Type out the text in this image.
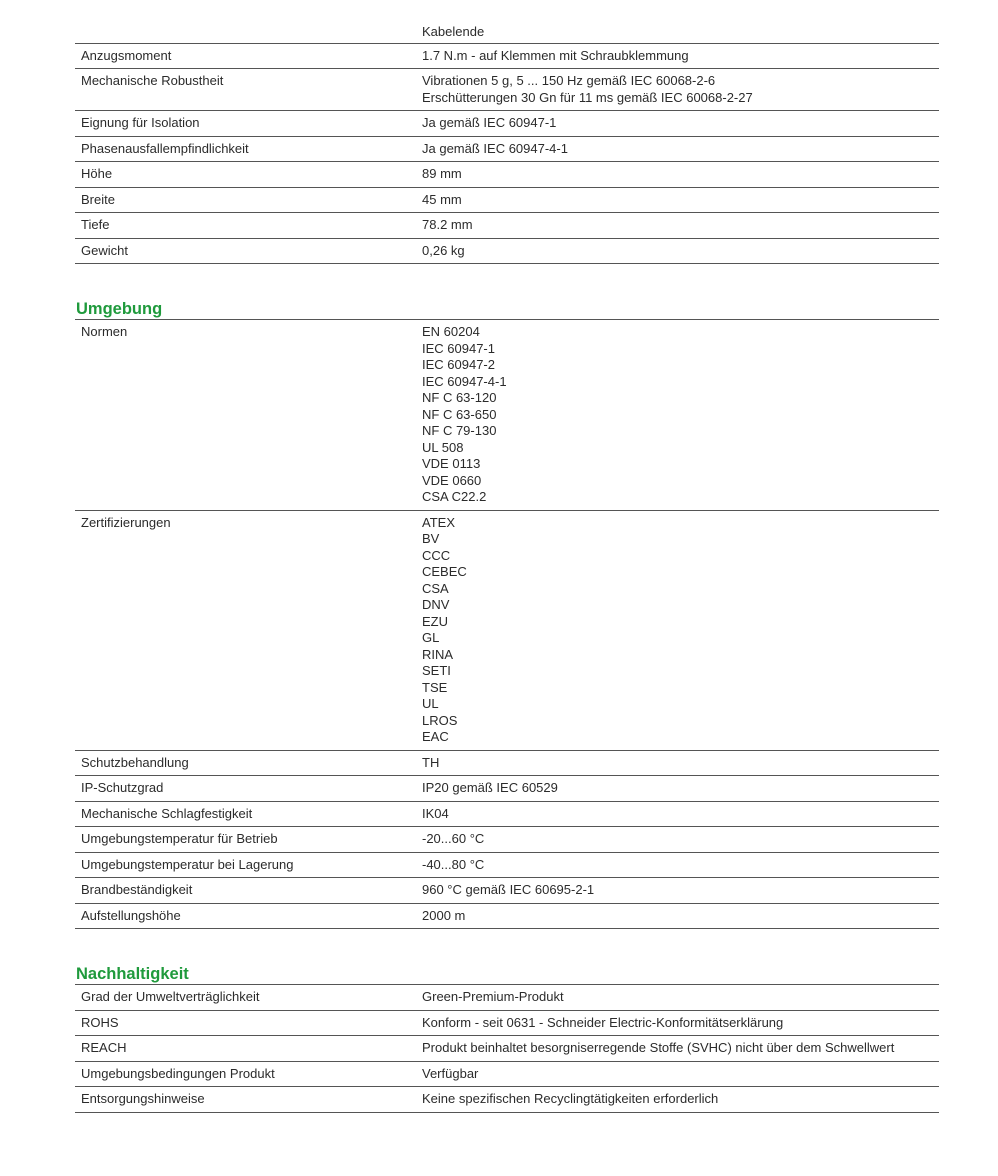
Kabelende
Anzugsmoment	1.7 N.m - auf Klemmen mit Schraubklemmung
Mechanische Robustheit	Vibrationen 5 g, 5 ... 150 Hz gemäß IEC 60068-2-6
Erschütterungen 30 Gn für 11 ms gemäß IEC 60068-2-27
Eignung für Isolation	Ja gemäß IEC 60947-1
Phasenausfallempfindlichkeit	Ja gemäß IEC 60947-4-1
Höhe	89 mm
Breite	45 mm
Tiefe	78.2 mm
Gewicht	0,26 kg
Umgebung
Normen	EN 60204
IEC 60947-1
IEC 60947-2
IEC 60947-4-1
NF C 63-120
NF C 63-650
NF C 79-130
UL 508
VDE 0113
VDE 0660
CSA C22.2
Zertifizierungen	ATEX
BV
CCC
CEBEC
CSA
DNV
EZU
GL
RINA
SETI
TSE
UL
LROS
EAC
Schutzbehandlung	TH
IP-Schutzgrad	IP20 gemäß IEC 60529
Mechanische Schlagfestigkeit	IK04
Umgebungstemperatur für Betrieb	-20...60 °C
Umgebungstemperatur bei Lagerung	-40...80 °C
Brandbeständigkeit	960 °C gemäß IEC 60695-2-1
Aufstellungshöhe	2000 m
Nachhaltigkeit
Grad der Umweltverträglichkeit	Green-Premium-Produkt
ROHS	Konform - seit 0631 - Schneider Electric-Konformitätserklärung
REACH	Produkt beinhaltet besorgniserregende Stoffe (SVHC) nicht über dem Schwellwert
Umgebungsbedingungen Produkt	Verfügbar
Entsorgungshinweise	Keine spezifischen Recyclingtätigkeiten erforderlich
